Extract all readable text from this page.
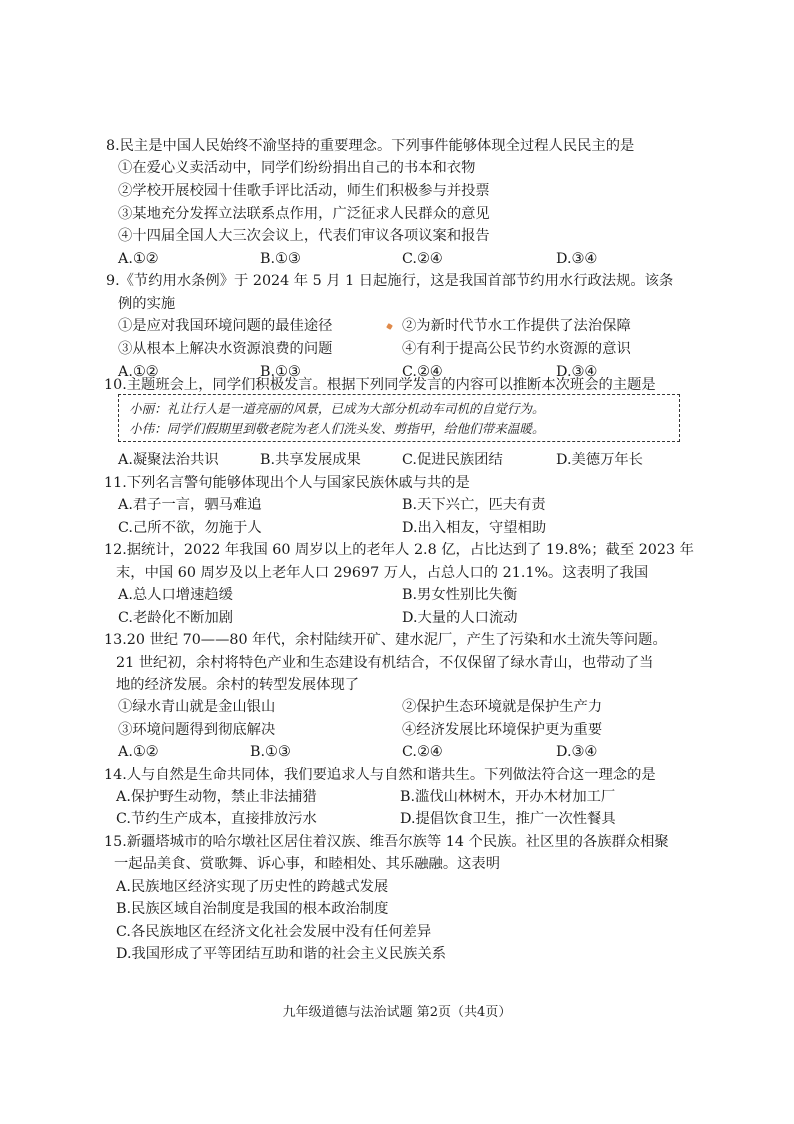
8.民主是中国人民始终不渝坚持的重要理念。下列事件能够体现全过程人民民主的是
①在爱心义卖活动中，同学们纷纷捐出自己的书本和衣物
②学校开展校园十佳歌手评比活动，师生们积极参与并投票
③某地充分发挥立法联系点作用，广泛征求人民群众的意见
④十四届全国人大三次会议上，代表们审议各项议案和报告
A.①②	B.①③	C.②④	D.③④
9.《节约用水条例》于 2024 年 5 月 1 日起施行，这是我国首部节约用水行政法规。该条
例的实施
①是应对我国环境问题的最佳途径	②为新时代节水工作提供了法治保障
③从根本上解决水资源浪费的问题	④有利于提高公民节约水资源的意识
A.①②	B.①③	C.②④	D.③④
10.主题班会上，同学们积极发言。根据下列同学发言的内容可以推断本次班会的主题是
小丽：礼让行人是一道亮丽的风景，已成为大部分机动车司机的自觉行为。
小伟：同学们假期里到敬老院为老人们洗头发、剪指甲，给他们带来温暖。
A.凝聚法治共识	B.共享发展成果	C.促进民族团结	D.美德万年长
11.下列名言警句能够体现出个人与国家民族休戚与共的是
A.君子一言，驷马难追	B.天下兴亡，匹夫有责
C.己所不欲，勿施于人	D.出入相友，守望相助
12.据统计，2022 年我国 60 周岁以上的老年人 2.8 亿，占比达到了 19.8%；截至 2023 年
末，中国 60 周岁及以上老年人口 29697 万人，占总人口的 21.1%。这表明了我国
A.总人口增速趋缓	B.男女性别比失衡
C.老龄化不断加剧	D.大量的人口流动
13.20 世纪 70——80 年代，余村陆续开矿、建水泥厂，产生了污染和水土流失等问题。
21 世纪初，余村将特色产业和生态建设有机结合，不仅保留了绿水青山，也带动了当
地的经济发展。余村的转型发展体现了
①绿水青山就是金山银山	②保护生态环境就是保护生产力
③环境问题得到彻底解决	④经济发展比环境保护更为重要
A.①②	B.①③	C.②④	D.③④
14.人与自然是生命共同体，我们要追求人与自然和谐共生。下列做法符合这一理念的是
A.保护野生动物，禁止非法捕猎	B.滥伐山林树木，开办木材加工厂
C.节约生产成本，直接排放污水	D.提倡饮食卫生，推广一次性餐具
15.新疆塔城市的哈尔墩社区居住着汉族、维吾尔族等 14 个民族。社区里的各族群众相聚
一起品美食、赏歌舞、诉心事，和睦相处、其乐融融。这表明
A.民族地区经济实现了历史性的跨越式发展
B.民族区域自治制度是我国的根本政治制度
C.各民族地区在经济文化社会发展中没有任何差异
D.我国形成了平等团结互助和谐的社会主义民族关系
九年级道德与法治试题 第2页（共4页）
